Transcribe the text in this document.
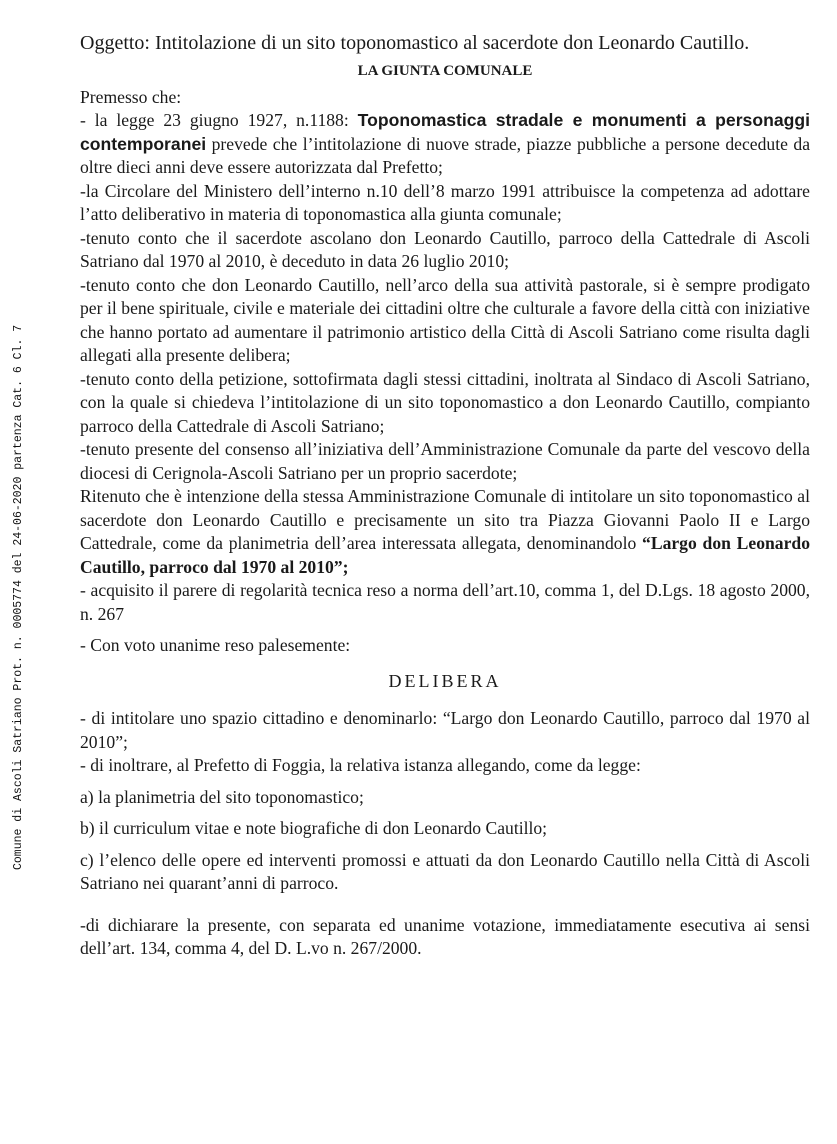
Comune di Ascoli Satriano Prot. n. 0005774 del 24-06-2020 partenza Cat. 6 Cl. 7
Oggetto: Intitolazione di un sito toponomastico al sacerdote don Leonardo Cautillo.
LA GIUNTA COMUNALE
Premesso che:
- la legge 23 giugno 1927, n.1188: Toponomastica stradale e monumenti a personaggi contemporanei prevede che l’intitolazione di nuove strade, piazze pubbliche a persone decedute da oltre dieci anni deve essere autorizzata dal Prefetto;
-la Circolare del Ministero dell’interno n.10 dell’8 marzo 1991 attribuisce la competenza ad adottare l’atto deliberativo in materia di toponomastica alla giunta comunale;
-tenuto conto che il sacerdote ascolano don Leonardo Cautillo, parroco della Cattedrale di Ascoli Satriano dal 1970 al 2010, è deceduto in data 26 luglio 2010;
-tenuto conto che don Leonardo Cautillo, nell’arco della sua attività pastorale, si è sempre prodigato per il bene spirituale, civile e materiale dei cittadini oltre che culturale a favore della città con iniziative che hanno portato ad aumentare il patrimonio artistico della Città di Ascoli Satriano come risulta dagli allegati alla presente delibera;
-tenuto conto della petizione, sottofirmata dagli stessi cittadini, inoltrata al Sindaco di Ascoli Satriano, con la quale si chiedeva l’intitolazione di un sito toponomastico a don Leonardo Cautillo, compianto parroco della Cattedrale di Ascoli Satriano;
-tenuto presente del consenso all’iniziativa dell’Amministrazione Comunale da parte del vescovo della diocesi di Cerignola-Ascoli Satriano per un proprio sacerdote;
Ritenuto che è intenzione della stessa Amministrazione Comunale di intitolare un sito toponomastico al sacerdote don Leonardo Cautillo e precisamente un sito tra Piazza Giovanni Paolo II e Largo Cattedrale, come da planimetria dell’area interessata allegata, denominandolo “Largo don Leonardo Cautillo, parroco dal 1970 al 2010”;
- acquisito il parere di regolarità tecnica reso a norma dell’art.10, comma 1, del D.Lgs. 18 agosto 2000, n. 267
- Con voto unanime reso palesemente:
DELIBERA
- di intitolare uno spazio cittadino e denominarlo: “Largo don Leonardo Cautillo, parroco dal 1970 al 2010”;
- di inoltrare, al Prefetto di Foggia, la relativa istanza allegando, come da legge:
a) la planimetria del sito toponomastico;
b) il curriculum vitae e note biografiche di don Leonardo Cautillo;
c) l’elenco delle opere ed interventi promossi e attuati da don Leonardo Cautillo nella Città di Ascoli Satriano nei quarant’anni di parroco.
-di dichiarare la presente, con separata ed unanime votazione, immediatamente esecutiva ai sensi dell’art. 134, comma 4, del D. L.vo n. 267/2000.
